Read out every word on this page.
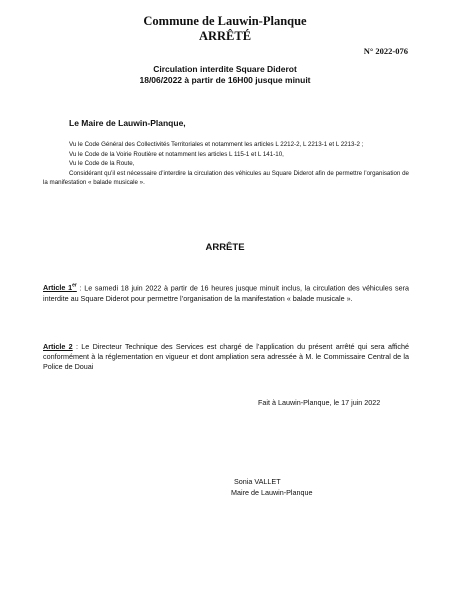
Commune de Lauwin-Planque
ARRÊTÉ
N° 2022-076
Circulation interdite Square Diderot
18/06/2022 à partir de 16H00 jusque minuit
Le Maire de Lauwin-Planque,

Vu le Code Général des Collectivités Territoriales et notamment les articles L 2212-2, L 2213-1 et L 2213-2 ;

Vu le Code de la Voirie Routière et notamment les articles L 115-1 et L 141-10,

Vu le Code de la Route,

Considérant qu’il est nécessaire d’interdire la circulation des véhicules au Square Diderot afin de permettre l’organisation de la manifestation « balade musicale ».

ARRÊTE
Article 1er : Le samedi 18 juin 2022 à partir de 16 heures jusque minuit inclus, la circulation des véhicules sera interdite au Square Diderot pour permettre l’organisation de la manifestation « balade musicale ».
Article 2 : Le Directeur Technique des Services est chargé de l’application du présent arrêté qui sera affiché conformément à la réglementation en vigueur et dont ampliation sera adressée à M. le Commissaire Central de la Police de Douai
Fait à Lauwin-Planque, le 17 juin 2022
Sonia VALLET
Maire de Lauwin-Planque
